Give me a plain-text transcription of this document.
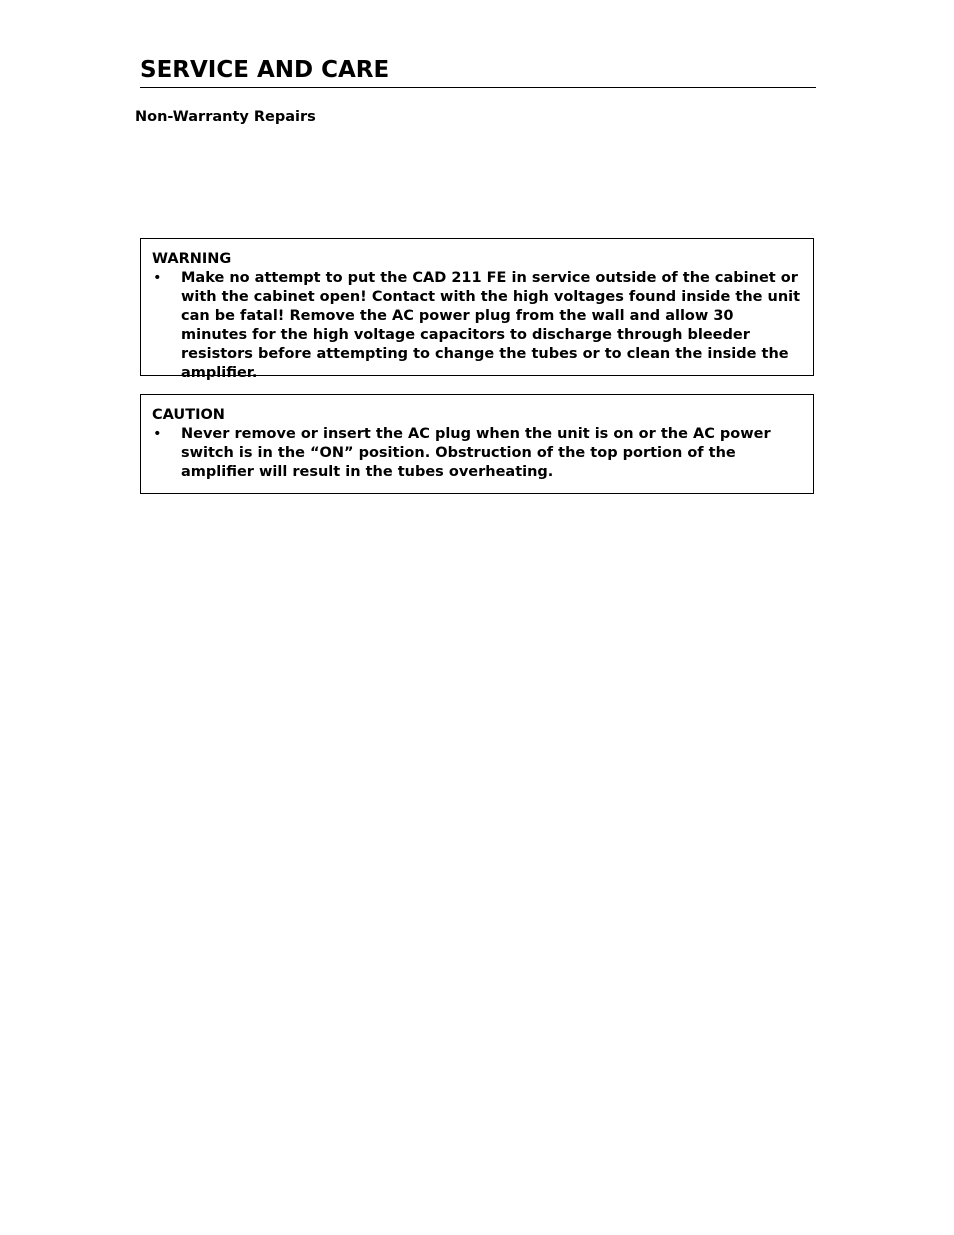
SERVICE AND CARE
Non-Warranty Repairs
WARNING
•	Make no attempt to put the CAD 211 FE in service outside of the cabinet or with the cabinet open! Contact with the high voltages found inside the unit can be fatal! Remove the AC power plug from the wall and allow 30 minutes for the high voltage capacitors to discharge through bleeder resistors before attempting to change the tubes or to clean the inside the amplifier.
CAUTION
•	Never remove or insert the AC plug when the unit is on or the AC power switch is in the “ON” position. Obstruction of the top portion of the amplifier will result in the tubes overheating.
